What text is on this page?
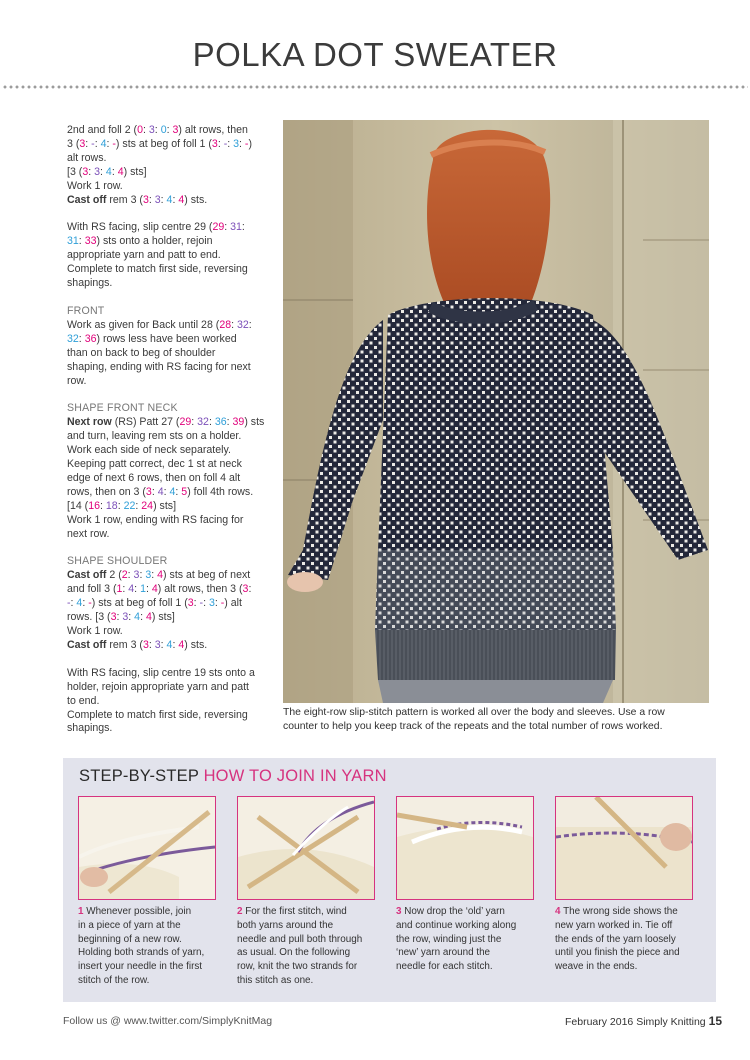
POLKA DOT SWEATER

2nd and foll 2 (0: 3: 0: 3) alt rows, then

3 (3: -: 4: -) sts at beg of foll 1 (3: -: 3: -)

alt rows.

[3 (3: 3: 4: 4) sts]

Work 1 row.

Cast off rem 3 (3: 3: 4: 4) sts.

With RS facing, slip centre 29 (29: 31:

31: 33) sts onto a holder, rejoin

appropriate yarn and patt to end.

Complete to match first side, reversing

shapings.

FRONT

Work as given for Back until 28 (28: 32:

32: 36) rows less have been worked

than on back to beg of shoulder

shaping, ending with RS facing for next

row.

SHAPE FRONT NECK

Next row (RS) Patt 27 (29: 32: 36: 39) sts

and turn, leaving rem sts on a holder.

Work each side of neck separately.

Keeping patt correct, dec 1 st at neck

edge of next 6 rows, then on foll 4 alt

rows, then on 3 (3: 4: 4: 5) foll 4th rows.

[14 (16: 18: 22: 24) sts]

Work 1 row, ending with RS facing for

next row.

SHAPE SHOULDER

Cast off 2 (2: 3: 3: 4) sts at beg of next

and foll 3 (1: 4: 1: 4) alt rows, then 3 (3:

-: 4: -) sts at beg of foll 1 (3: -: 3: -) alt

rows. [3 (3: 3: 4: 4) sts]

Work 1 row.

Cast off rem 3 (3: 3: 4: 4) sts.

With RS facing, slip centre 19 sts onto a

holder, rejoin appropriate yarn and patt

to end.

Complete to match first side, reversing

shapings.

The eight-row slip-stitch pattern is worked all over the body and sleeves. Use a row
counter to help you keep track of the repeats and the total number of rows worked.
STEP-BY-STEP HOW TO JOIN IN YARN
1 Whenever possible, join
in a piece of yarn at the
beginning of a new row.
Holding both strands of yarn,
insert your needle in the first
stitch of the row.
2 For the first stitch, wind
both yarns around the
needle and pull both through
as usual. On the following
row, knit the two strands for
this stitch as one.
3 Now drop the ‘old’ yarn
and continue working along
the row, winding just the
‘new’ yarn around the
needle for each stitch.
4 The wrong side shows the
new yarn worked in. Tie off
the ends of the yarn loosely
until you finish the piece and
weave in the ends.
Follow us @ www.twitter.com/SimplyKnitMag	February 2016 Simply Knitting 15
